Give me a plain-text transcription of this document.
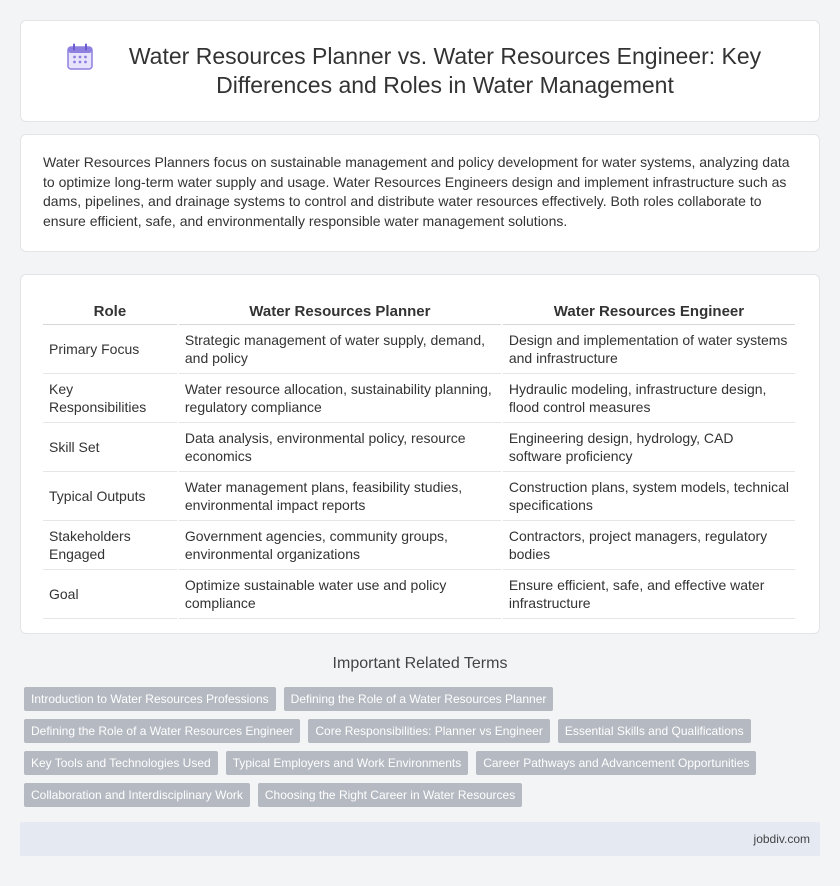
Water Resources Planner vs. Water Resources Engineer: Key Differences and Roles in Water Management

Water Resources Planners focus on sustainable management and policy development for water systems, analyzing data to optimize long-term water supply and usage. Water Resources Engineers design and implement infrastructure such as dams, pipelines, and drainage systems to control and distribute water resources effectively. Both roles collaborate to ensure efficient, safe, and environmentally responsible water management solutions.

Role	Water Resources Planner	Water Resources Engineer
Primary Focus	Strategic management of water supply, demand, and policy	Design and implementation of water systems and infrastructure
Key Responsibilities	Water resource allocation, sustainability planning, regulatory compliance	Hydraulic modeling, infrastructure design, flood control measures
Skill Set	Data analysis, environmental policy, resource economics	Engineering design, hydrology, CAD software proficiency
Typical Outputs	Water management plans, feasibility studies, environmental impact reports	Construction plans, system models, technical specifications
Stakeholders Engaged	Government agencies, community groups, environmental organizations	Contractors, project managers, regulatory bodies
Goal	Optimize sustainable water use and policy compliance	Ensure efficient, safe, and effective water infrastructure
Important Related Terms
Introduction to Water Resources Professions	Defining the Role of a Water Resources Planner
Defining the Role of a Water Resources Engineer	Core Responsibilities: Planner vs Engineer	Essential Skills and Qualifications
Key Tools and Technologies Used	Typical Employers and Work Environments	Career Pathways and Advancement Opportunities
Collaboration and Interdisciplinary Work	Choosing the Right Career in Water Resources
jobdiv.com
